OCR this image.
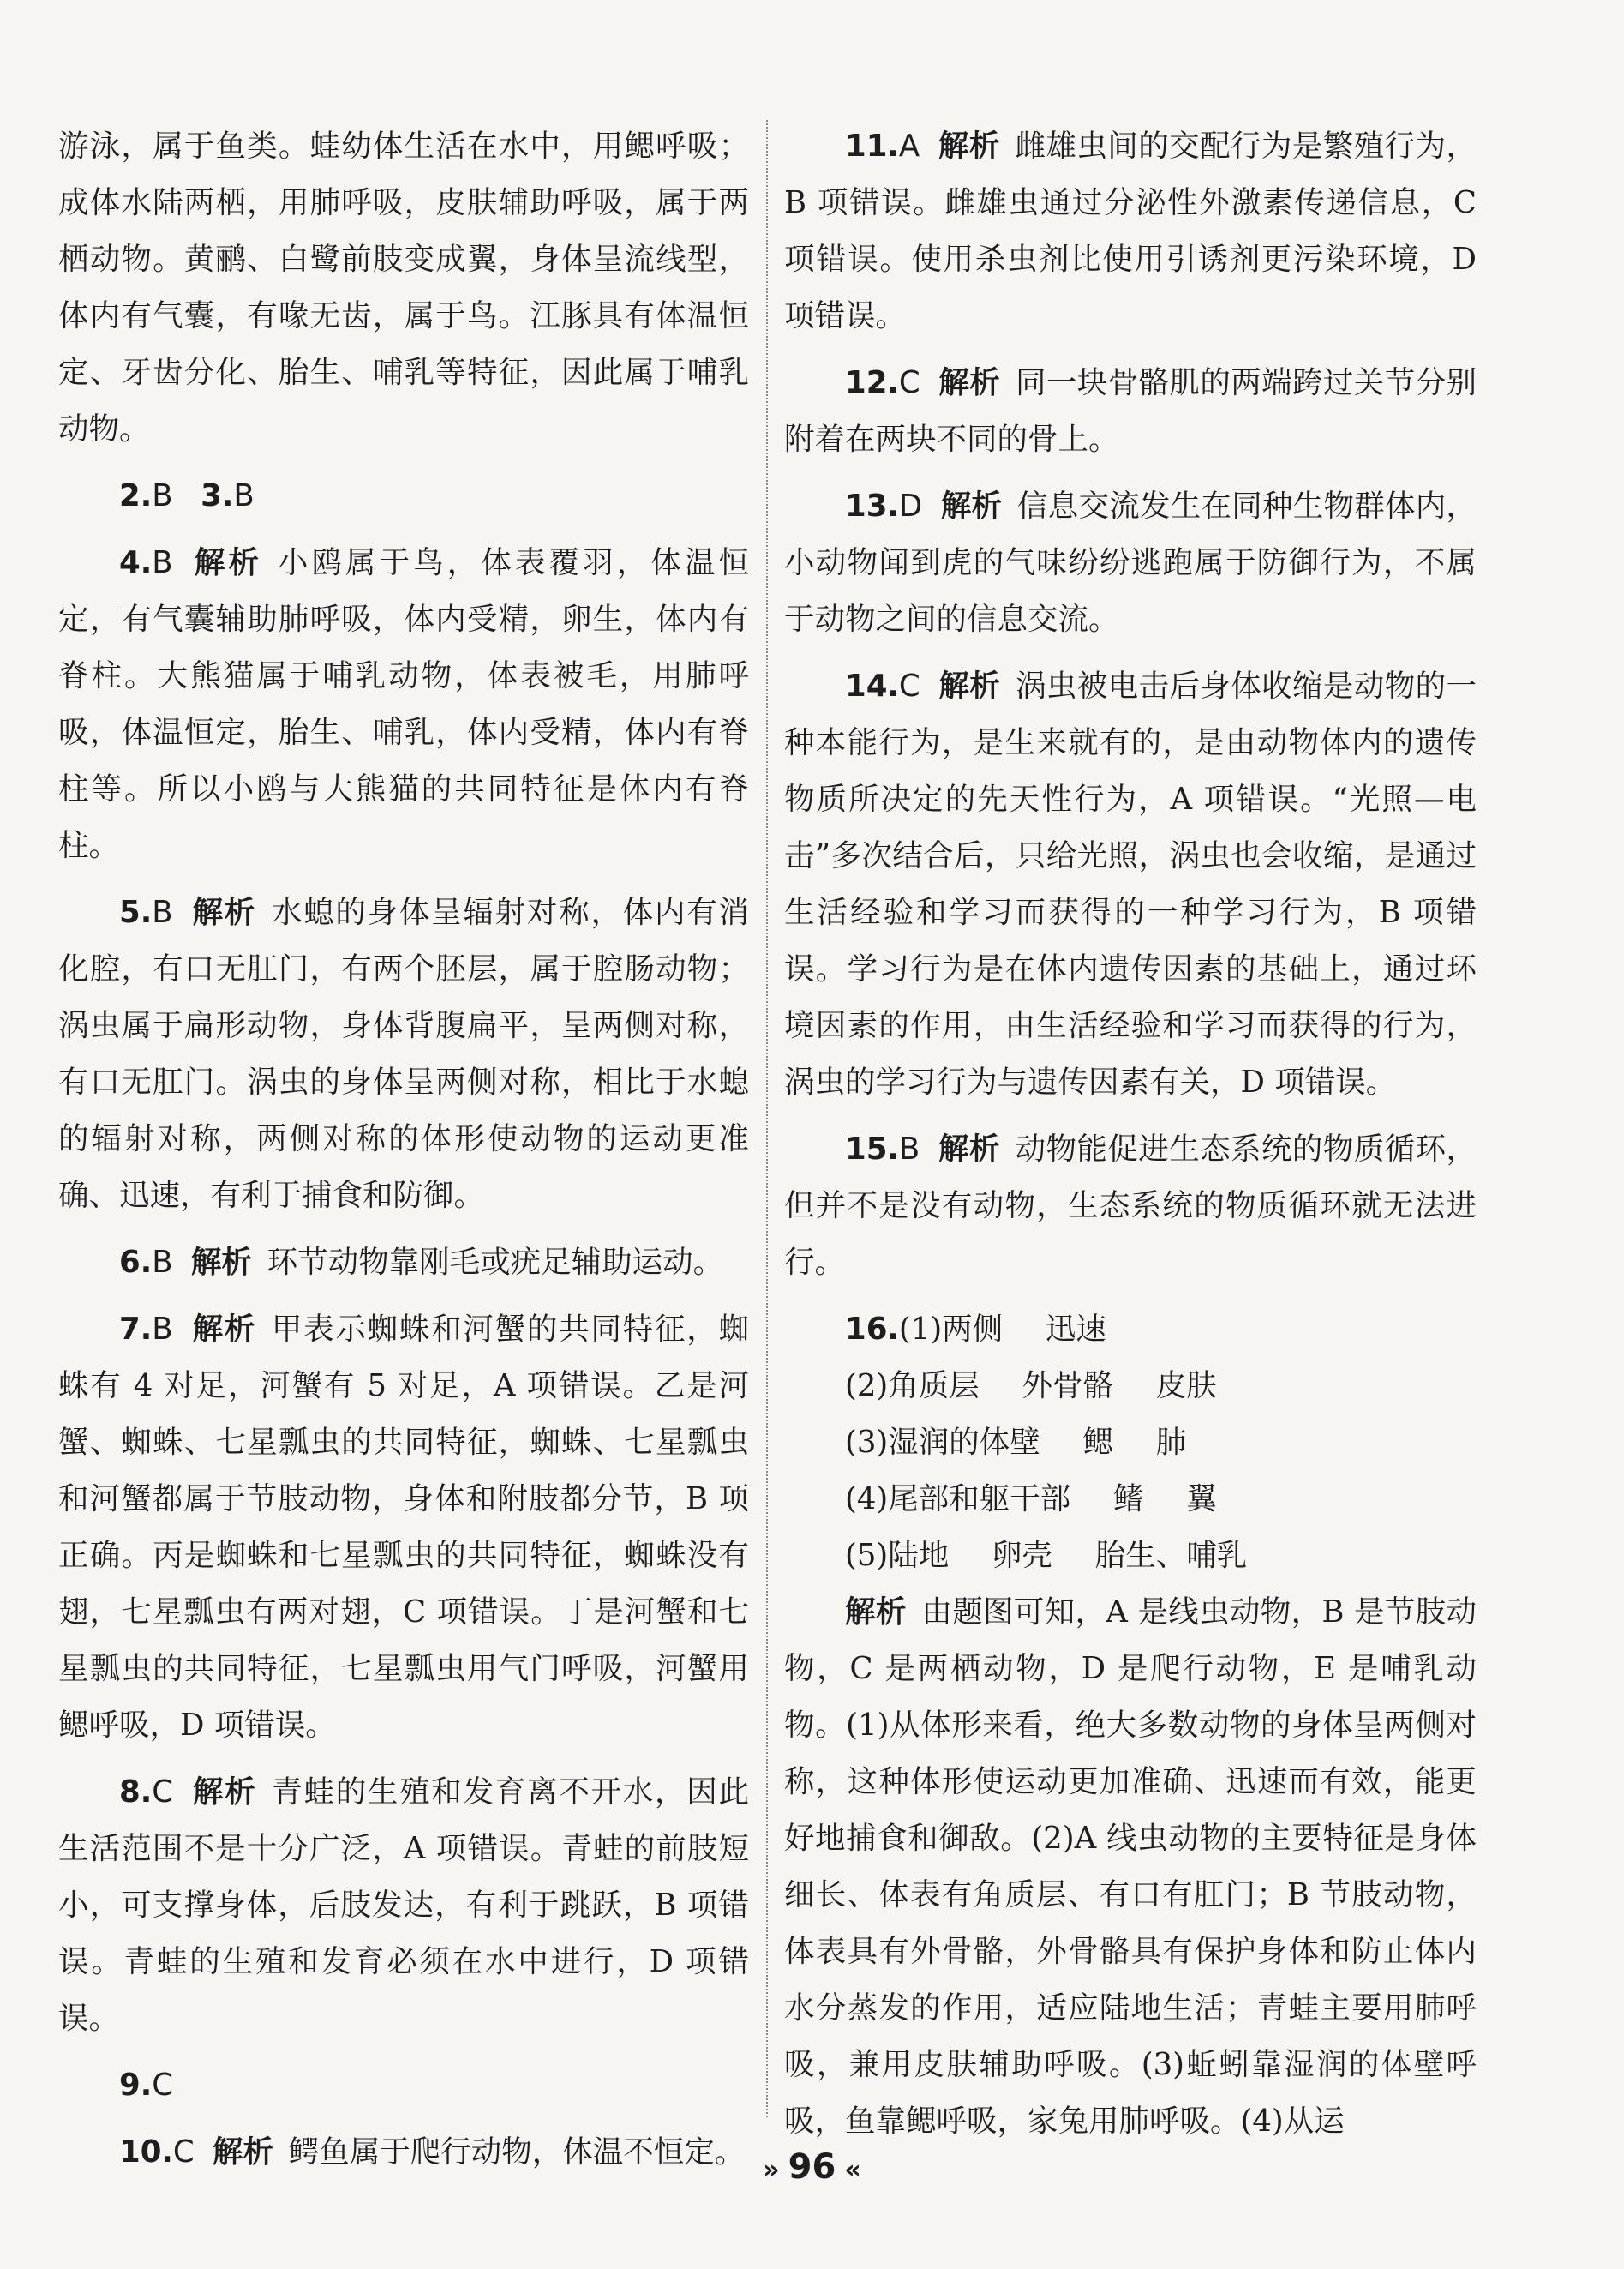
游泳，属于鱼类。蛙幼体生活在水中，用鳃呼吸；成体水陆两栖，用肺呼吸，皮肤辅助呼吸，属于两栖动物。黄鹂、白鹭前肢变成翼，身体呈流线型，体内有气囊，有喙无齿，属于鸟。江豚具有体温恒定、牙齿分化、胎生、哺乳等特征，因此属于哺乳动物。

2.B 3.B

4.B 解析 小鸥属于鸟，体表覆羽，体温恒定，有气囊辅助肺呼吸，体内受精，卵生，体内有脊柱。大熊猫属于哺乳动物，体表被毛，用肺呼吸，体温恒定，胎生、哺乳，体内受精，体内有脊柱等。所以小鸥与大熊猫的共同特征是体内有脊柱。

5.B 解析 水螅的身体呈辐射对称，体内有消化腔，有口无肛门，有两个胚层，属于腔肠动物；涡虫属于扁形动物，身体背腹扁平，呈两侧对称，有口无肛门。涡虫的身体呈两侧对称，相比于水螅的辐射对称，两侧对称的体形使动物的运动更准确、迅速，有利于捕食和防御。

6.B 解析 环节动物靠刚毛或疣足辅助运动。

7.B 解析 甲表示蜘蛛和河蟹的共同特征，蜘蛛有 4 对足，河蟹有 5 对足，A 项错误。乙是河蟹、蜘蛛、七星瓢虫的共同特征，蜘蛛、七星瓢虫和河蟹都属于节肢动物，身体和附肢都分节，B 项正确。丙是蜘蛛和七星瓢虫的共同特征，蜘蛛没有翅，七星瓢虫有两对翅，C 项错误。丁是河蟹和七星瓢虫的共同特征，七星瓢虫用气门呼吸，河蟹用鳃呼吸，D 项错误。

8.C 解析 青蛙的生殖和发育离不开水，因此生活范围不是十分广泛，A 项错误。青蛙的前肢短小，可支撑身体，后肢发达，有利于跳跃，B 项错误。青蛙的生殖和发育必须在水中进行，D 项错误。

9.C

10.C 解析 鳄鱼属于爬行动物，体温不恒定。

11.A 解析 雌雄虫间的交配行为是繁殖行为，B 项错误。雌雄虫通过分泌性外激素传递信息，C 项错误。使用杀虫剂比使用引诱剂更污染环境，D 项错误。

12.C 解析 同一块骨骼肌的两端跨过关节分别附着在两块不同的骨上。

13.D 解析 信息交流发生在同种生物群体内，小动物闻到虎的气味纷纷逃跑属于防御行为，不属于动物之间的信息交流。

14.C 解析 涡虫被电击后身体收缩是动物的一种本能行为，是生来就有的，是由动物体内的遗传物质所决定的先天性行为，A 项错误。“光照—电击”多次结合后，只给光照，涡虫也会收缩，是通过生活经验和学习而获得的一种学习行为，B 项错误。学习行为是在体内遗传因素的基础上，通过环境因素的作用，由生活经验和学习而获得的行为，涡虫的学习行为与遗传因素有关，D 项错误。

15.B 解析 动物能促进生态系统的物质循环，但并不是没有动物，生态系统的物质循环就无法进行。

16.(1)两侧 迅速

(2)角质层 外骨骼 皮肤

(3)湿润的体壁 鳃 肺

(4)尾部和躯干部 鳍 翼

(5)陆地 卵壳 胎生、哺乳

解析 由题图可知，A 是线虫动物，B 是节肢动物，C 是两栖动物，D 是爬行动物，E 是哺乳动物。(1)从体形来看，绝大多数动物的身体呈两侧对称，这种体形使运动更加准确、迅速而有效，能更好地捕食和御敌。(2)A 线虫动物的主要特征是身体细长、体表有角质层、有口有肛门；B 节肢动物，体表具有外骨骼，外骨骼具有保护身体和防止体内水分蒸发的作用，适应陆地生活；青蛙主要用肺呼吸，兼用皮肤辅助呼吸。(3)蚯蚓靠湿润的体壁呼吸，鱼靠鳃呼吸，家兔用肺呼吸。(4)从运

» 96 «
